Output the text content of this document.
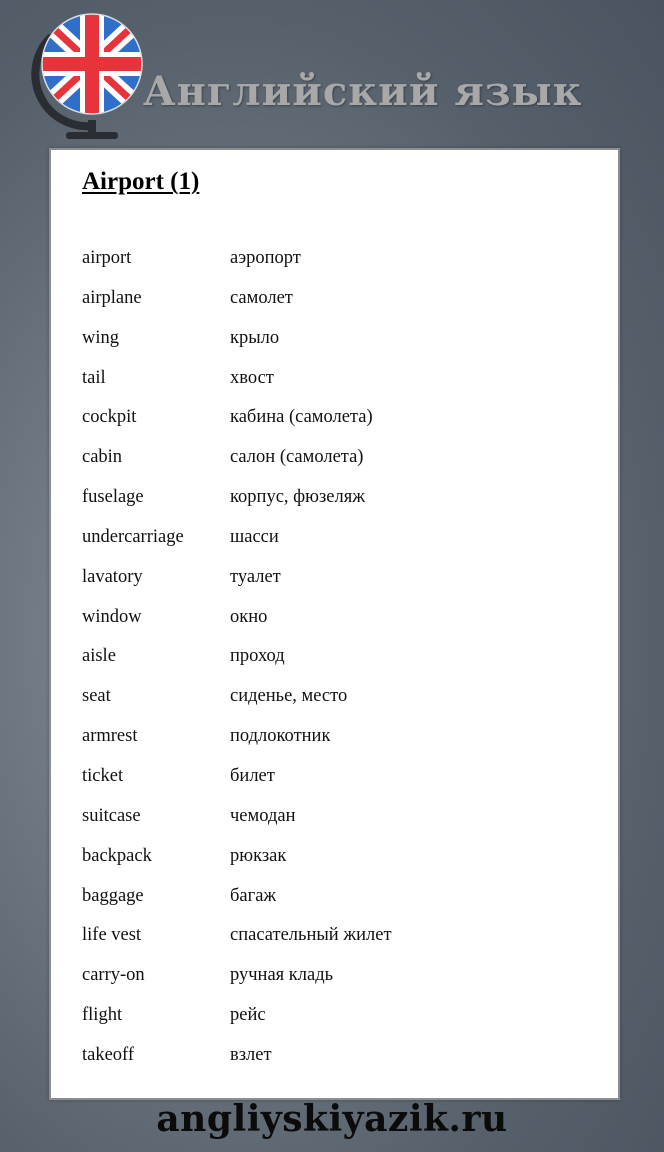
Английский язык
Airport (1)
airport	аэропорт
airplane	самолет
wing	крыло
tail	хвост
cockpit	кабина (самолета)
cabin	салон (самолета)
fuselage	корпус, фюзеляж
undercarriage	шасси
lavatory	туалет
window	окно
aisle	проход
seat	сиденье, место
armrest	подлокотник
ticket	билет
suitcase	чемодан
backpack	рюкзак
baggage	багаж
life vest	спасательный жилет
carry-on	ручная кладь
flight	рейс
takeoff	взлет
angliyskiyazik.ru
